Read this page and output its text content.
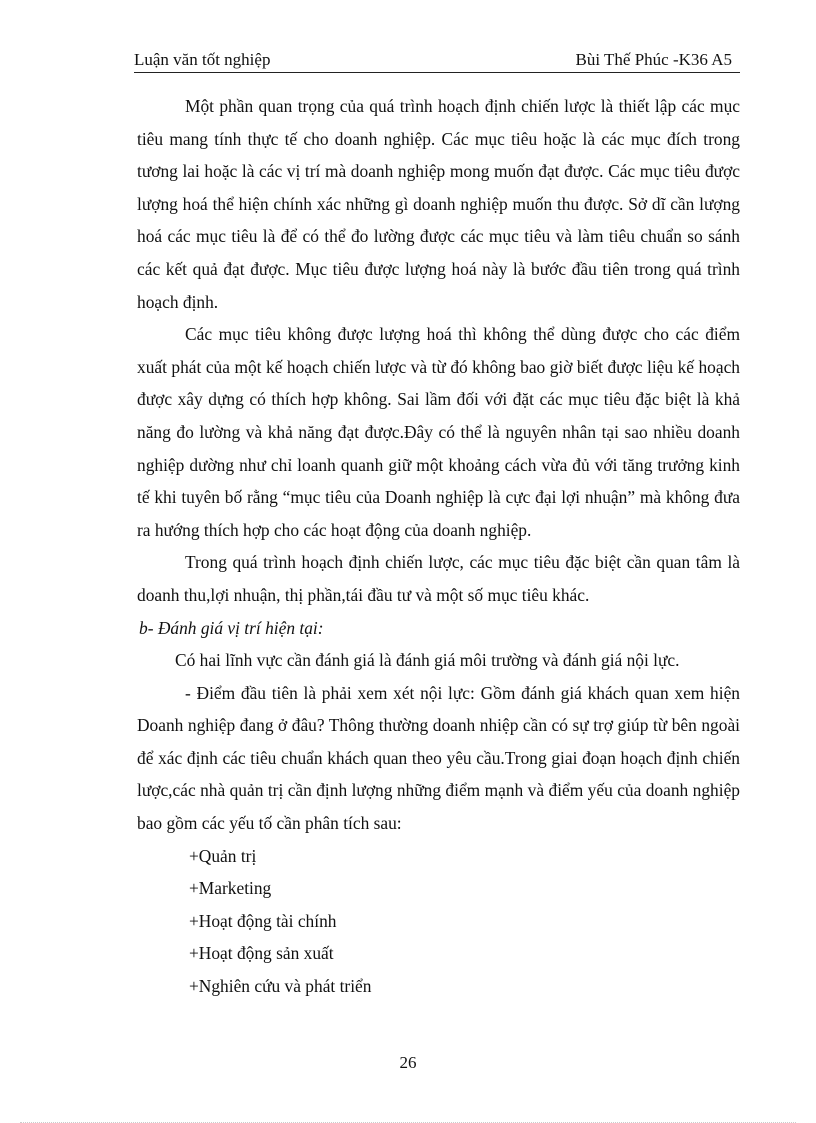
Luận văn tốt nghiệp	Bùi Thế Phúc -K36 A5

Một phần quan trọng của quá trình hoạch định chiến lược là thiết lập các mục tiêu mang tính thực tế cho doanh nghiệp. Các mục tiêu hoặc là các mục đích trong tương lai hoặc là các vị trí mà doanh nghiệp mong muốn đạt được. Các mục tiêu được lượng hoá thể hiện chính xác những gì doanh nghiệp muốn thu được. Sở dĩ cần lượng hoá các mục tiêu là để có thể đo lường được các mục tiêu và làm tiêu chuẩn so sánh các kết quả đạt được. Mục tiêu được lượng hoá này là bước đầu tiên trong quá trình hoạch định.

Các mục tiêu không được lượng hoá thì không thể dùng được cho các điểm xuất phát của một kế hoạch chiến lược và từ đó không bao giờ biết được liệu kế hoạch được xây dựng có thích hợp không. Sai lầm đối với đặt các mục tiêu đặc biệt là khả năng đo lường và khả năng đạt được.Đây có thể là nguyên nhân tại sao nhiều doanh nghiệp dường như chỉ loanh quanh giữ một khoảng cách vừa đủ với tăng trưởng kinh tế khi tuyên bố rằng “mục tiêu của Doanh nghiệp là cực đại lợi nhuận” mà không đưa ra hướng thích hợp cho các hoạt động của doanh nghiệp.

Trong quá trình hoạch định chiến lược, các mục tiêu đặc biệt cần quan tâm là doanh thu,lợi nhuận, thị phần,tái đầu tư và một số mục tiêu khác.

b- Đánh giá vị trí hiện tại:

Có hai lĩnh vực cần đánh giá là đánh giá môi trường và đánh giá nội lực.

- Điểm đầu tiên là phải xem xét nội lực: Gồm đánh giá khách quan xem hiện Doanh nghiệp đang ở đâu? Thông thường doanh nhiệp cần có sự trợ giúp từ bên ngoài để xác định các tiêu chuẩn khách quan theo yêu cầu.Trong giai đoạn hoạch định chiến lược,các nhà quản trị cần định lượng những điểm mạnh và điểm yếu của doanh nghiệp bao gồm các yếu tố cần phân tích sau:

+Quản trị

+Marketing

+Hoạt động tài chính

+Hoạt động sản xuất

+Nghiên cứu và phát triển

26
